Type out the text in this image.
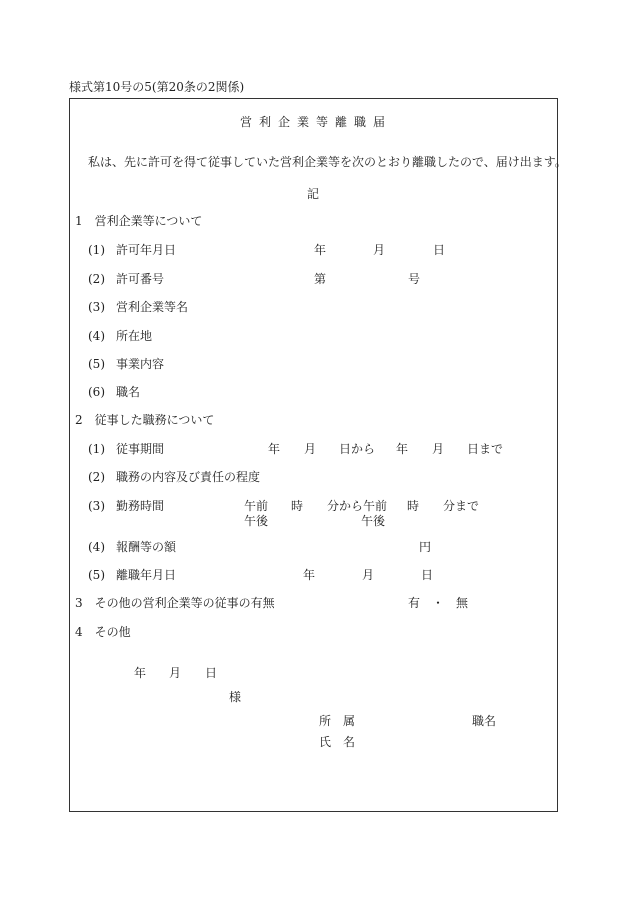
様式第10号の5(第20条の2関係)
営利企業等離職届
私は、先に許可を得て従事していた営利企業等を次のとおり離職したので、届け出ます。
記
1　営利企業等について
(1) 許可年月日	年	月	日
(2) 許可番号	第	号
(3) 営利企業等名
(4) 所在地
(5) 事業内容
(6) 職名
2　従事した職務について
(1) 従事期間	年 月 日から 年 月 日まで
(2) 職務の内容及び責任の程度
(3) 勤務時間	午前 時 分から午前 時 分まで
午後	午後
(4) 報酬等の額	円
(5) 離職年月日	年	月	日
3　その他の営利企業等の従事の有無	有 ・ 無
4　その他
年 月 日
様
所　属	職名
氏　名
